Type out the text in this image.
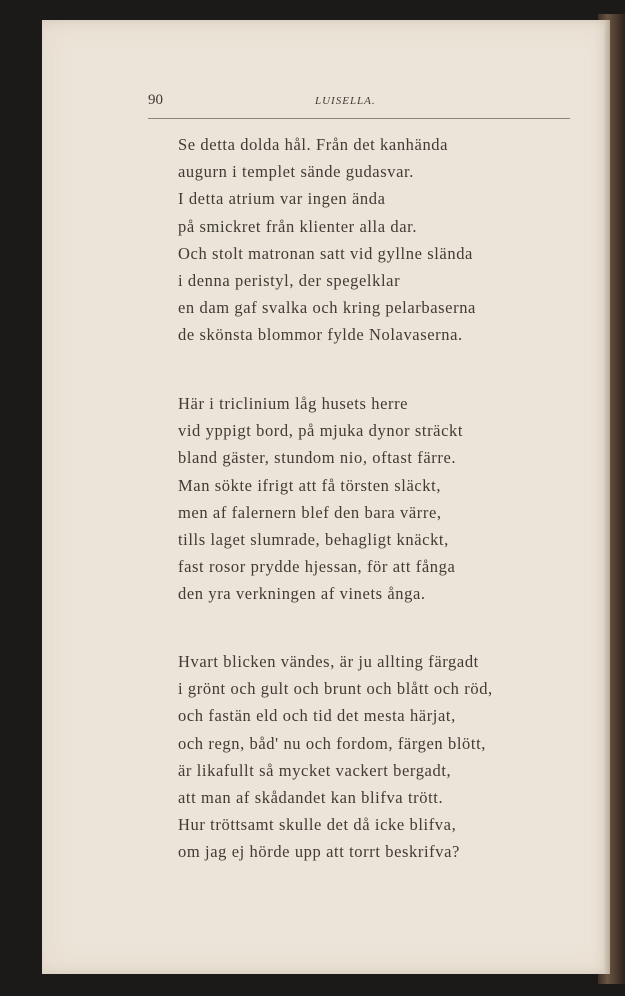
90	LUISELLA.
Se detta dolda hål. Från det kanhända
augurn i templet sände gudasvar.
I detta atrium var ingen ända
på smickret från klienter alla dar.
Och stolt matronan satt vid gyllne slända
i denna peristyl, der spegelklar
en dam gaf svalka och kring pelarbaserna
de skönsta blommor fylde Nolavaserna.
Här i triclinium låg husets herre
vid yppigt bord, på mjuka dynor sträckt
bland gäster, stundom nio, oftast färre.
Man sökte ifrigt att få törsten släckt,
men af falernern blef den bara värre,
tills laget slumrade, behagligt knäckt,
fast rosor prydde hjessan, för att fånga
den yra verkningen af vinets ånga.
Hvart blicken vändes, är ju allting färgadt
i grönt och gult och brunt och blått och röd,
och fastän eld och tid det mesta härjat,
och regn, båd' nu och fordom, färgen blött,
är likafullt så mycket vackert bergadt,
att man af skådandet kan blifva trött.
Hur tröttsamt skulle det då icke blifva,
om jag ej hörde upp att torrt beskrifva?
